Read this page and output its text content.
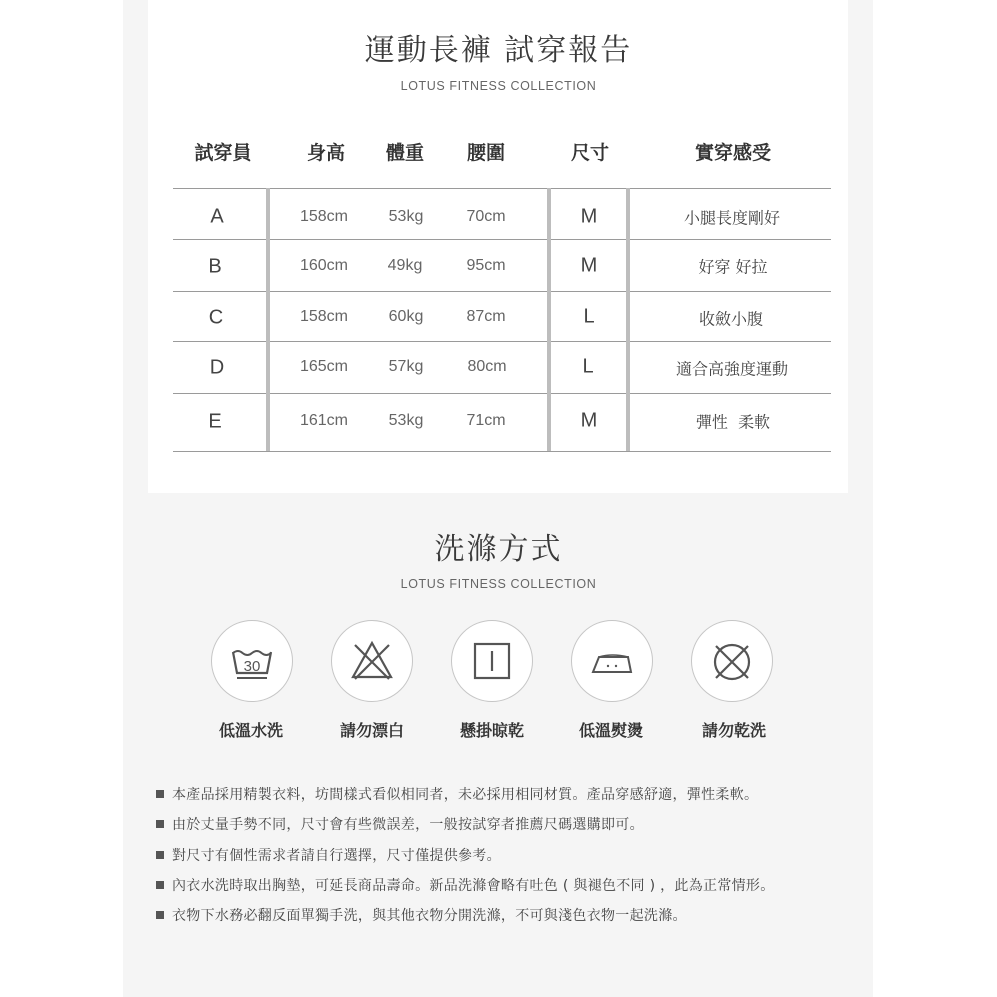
運動長褲 試穿報告
LOTUS FITNESS COLLECTION
試穿員	身高 體重 腰圍	尺寸	實穿感受
A	158cm	53kg	70cm	M	小腿長度剛好
B	160cm 49kg	95cm	M	好穿 好拉
C	158cm	60kg	87cm	L	收斂小腹
D	165cm	57kg	80cm	L	適合高強度運動
E	161cm	53kg	71cm	M	彈性  柔軟
洗滌方式
LOTUS FITNESS COLLECTION
30
低溫水洗	請勿漂白	懸掛晾乾	低溫熨燙	請勿乾洗
本產品採用精製衣料，坊間樣式看似相同者，未必採用相同材質。產品穿感舒適，彈性柔軟。
由於丈量手勢不同，尺寸會有些微誤差，一般按試穿者推薦尺碼選購即可。
對尺寸有個性需求者請自行選擇，尺寸僅提供參考。
內衣水洗時取出胸墊，可延長商品壽命。新品洗滌會略有吐色 ( 與褪色不同 ) ，此為正常情形。
衣物下水務必翻反面單獨手洗，與其他衣物分開洗滌，不可與淺色衣物一起洗滌。
